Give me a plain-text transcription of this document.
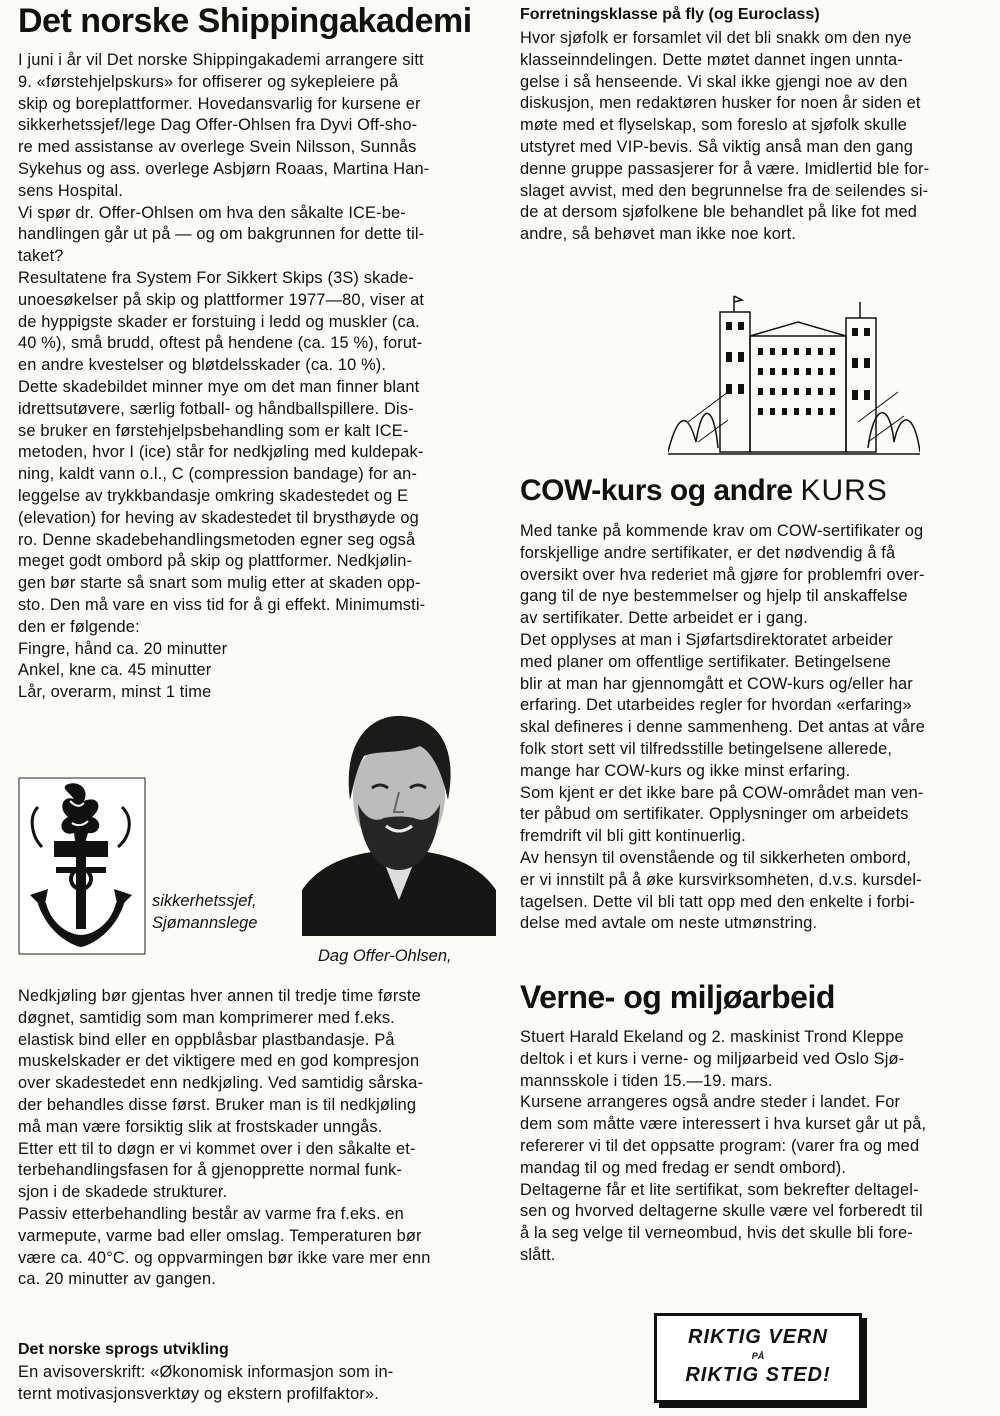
Det norske Shippingakademi
I juni i år vil Det norske Shippingakademi arrangere sitt
9. «førstehjelpskurs» for offiserer og sykepleiere på
skip og boreplattformer. Hovedansvarlig for kursene er
sikkerhetssjef/lege Dag Offer-Ohlsen fra Dyvi Off-sho-
re med assistanse av overlege Svein Nilsson, Sunnås
Sykehus og ass. overlege Asbjørn Roaas, Martina Han-
sens Hospital.
Vi spør dr. Offer-Ohlsen om hva den såkalte ICE-be-
handlingen går ut på — og om bakgrunnen for dette til-
taket?
Resultatene fra System For Sikkert Skips (3S) skade-
unoesøkelser på skip og plattformer 1977—80, viser at
de hyppigste skader er forstuing i ledd og muskler (ca.
40 %), små brudd, oftest på hendene (ca. 15 %), forut-
en andre kvestelser og bløtdelsskader (ca. 10 %).
Dette skadebildet minner mye om det man finner blant
idrettsutøvere, særlig fotball- og håndballspillere. Dis-
se bruker en førstehjelpsbehandling som er kalt ICE-
metoden, hvor I (ice) står for nedkjøling med kuldepak-
ning, kaldt vann o.l., C (compression bandage) for an-
leggelse av trykkbandasje omkring skadestedet og E
(elevation) for heving av skadestedet til brysthøyde og
ro. Denne skadebehandlingsmetoden egner seg også
meget godt ombord på skip og plattformer. Nedkjølin-
gen bør starte så snart som mulig etter at skaden opp-
sto. Den må vare en viss tid for å gi effekt. Minimumsti-
den er følgende:
Fingre, hånd ca. 20 minutter
Ankel, kne ca. 45 minutter
Lår, overarm, minst 1 time
sikkerhetssjef,
Sjømannslege
Dag Offer-Ohlsen,
Nedkjøling bør gjentas hver annen til tredje time første
døgnet, samtidig som man komprimerer med f.eks.
elastisk bind eller en oppblåsbar plastbandasje. På
muskelskader er det viktigere med en god kompresjon
over skadestedet enn nedkjøling. Ved samtidig sårska-
der behandles disse først. Bruker man is til nedkjøling
må man være forsiktig slik at frostskader unngås.
Etter ett til to døgn er vi kommet over i den såkalte et-
terbehandlingsfasen for å gjenopprette normal funk-
sjon i de skadede strukturer.
Passiv etterbehandling består av varme fra f.eks. en
varmepute, varme bad eller omslag. Temperaturen bør
være ca. 40°C. og oppvarmingen bør ikke vare mer enn
ca. 20 minutter av gangen.
Det norske sprogs utvikling
En avisoverskrift: «Økonomisk informasjon som in-
ternt motivasjonsverktøy og ekstern profilfaktor».
Forretningsklasse på fly (og Euroclass)
Hvor sjøfolk er forsamlet vil det bli snakk om den nye
klasseinndelingen. Dette møtet dannet ingen unnta-
gelse i så henseende. Vi skal ikke gjengi noe av den
diskusjon, men redaktøren husker for noen år siden et
møte med et flyselskap, som foreslo at sjøfolk skulle
utstyret med VIP-bevis. Så viktig anså man den gang
denne gruppe passasjerer for å være. Imidlertid ble for-
slaget avvist, med den begrunnelse fra de seilendes si-
de at dersom sjøfolkene ble behandlet på like fot med
andre, så behøvet man ikke noe kort.
COW-kurs og andre KURS
Med tanke på kommende krav om COW-sertifikater og
forskjellige andre sertifikater, er det nødvendig å få
oversikt over hva rederiet må gjøre for problemfri over-
gang til de nye bestemmelser og hjelp til anskaffelse
av sertifikater. Dette arbeidet er i gang.
Det opplyses at man i Sjøfartsdirektoratet arbeider
med planer om offentlige sertifikater. Betingelsene
blir at man har gjennomgått et COW-kurs og/eller har
erfaring. Det utarbeides regler for hvordan «erfaring»
skal defineres i denne sammenheng. Det antas at våre
folk stort sett vil tilfredsstille betingelsene allerede,
mange har COW-kurs og ikke minst erfaring.
Som kjent er det ikke bare på COW-området man ven-
ter påbud om sertifikater. Opplysninger om arbeidets
fremdrift vil bli gitt kontinuerlig.
Av hensyn til ovenstående og til sikkerheten ombord,
er vi innstilt på å øke kursvirksomheten, d.v.s. kursdel-
tagelsen. Dette vil bli tatt opp med den enkelte i forbi-
delse med avtale om neste utmønstring.
Verne- og miljøarbeid
Stuert Harald Ekeland og 2. maskinist Trond Kleppe
deltok i et kurs i verne- og miljøarbeid ved Oslo Sjø-
mannsskole i tiden 15.—19. mars.
Kursene arrangeres også andre steder i landet. For
dem som måtte være interessert i hva kurset går ut på,
refererer vi til det oppsatte program: (varer fra og med
mandag til og med fredag er sendt ombord).
Deltagerne får et lite sertifikat, som bekrefter deltagel-
sen og hvorved deltagerne skulle være vel forberedt til
å la seg velge til verneombud, hvis det skulle bli fore-
slått.
RIKTIG VERN
PÅ
RIKTIG STED!
